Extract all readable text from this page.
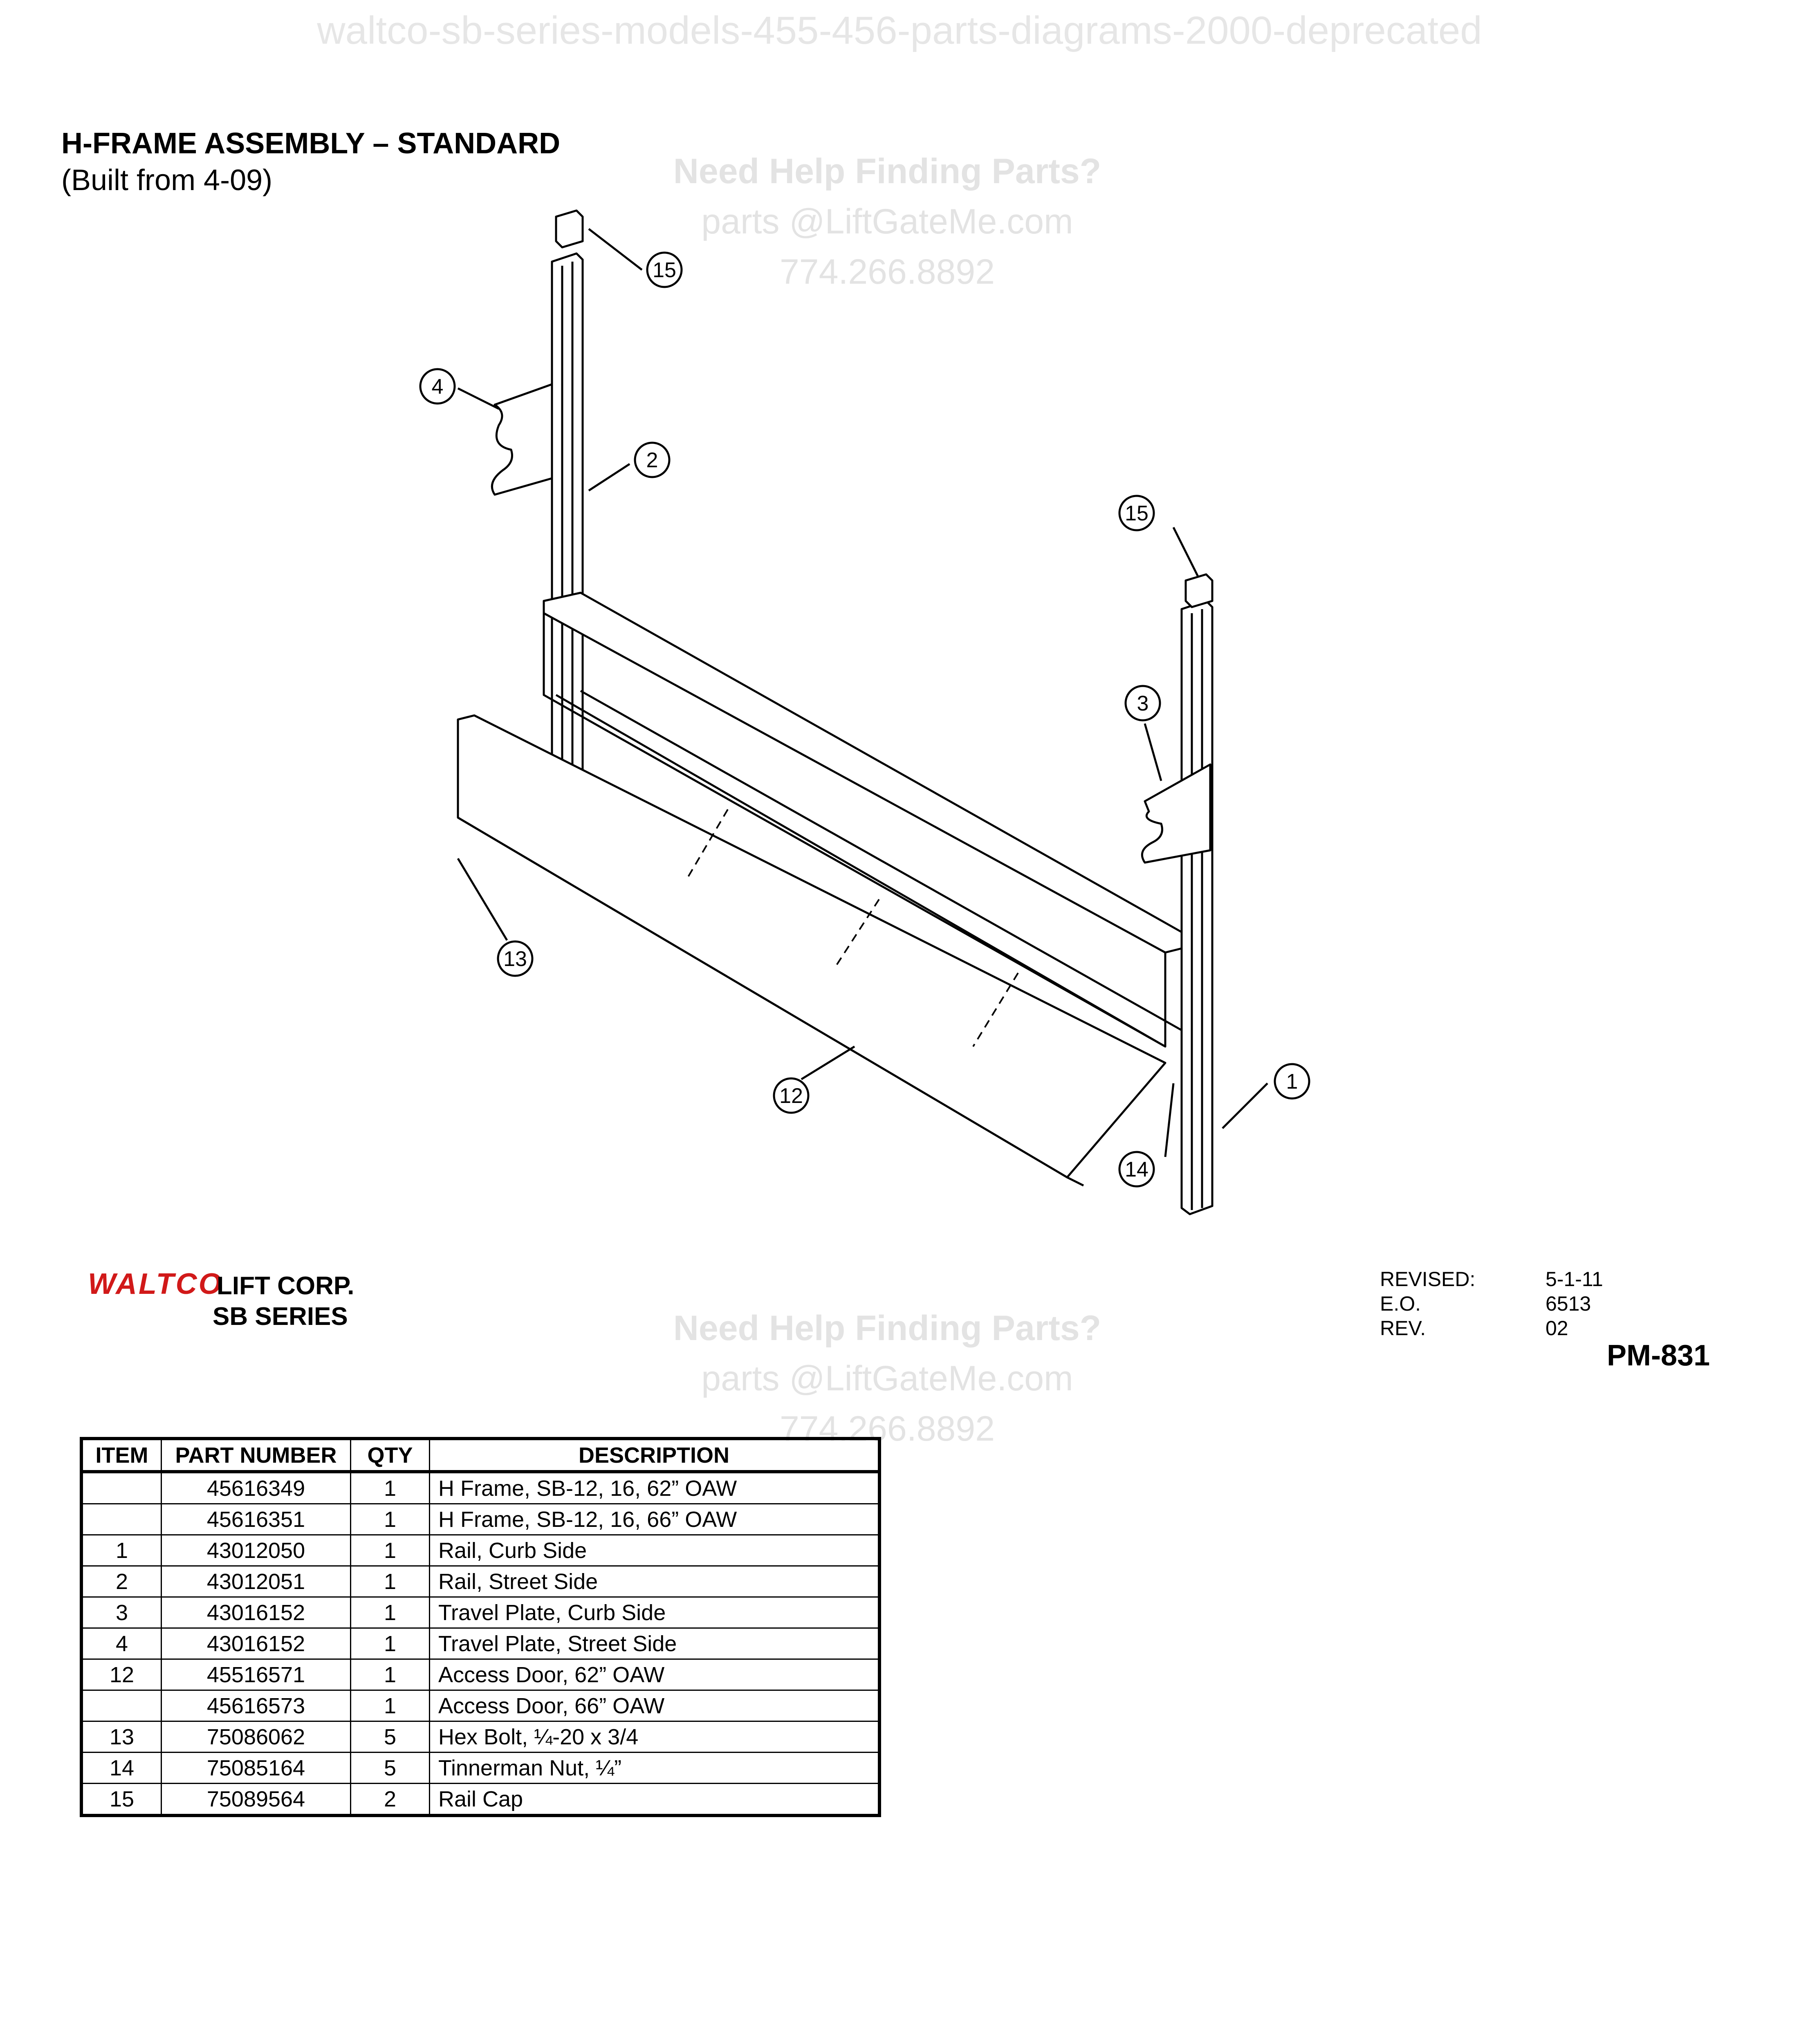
waltco-sb-series-models-455-456-parts-diagrams-2000-deprecated
H-FRAME ASSEMBLY – STANDARD
(Built from 4-09)	Need Help Finding Parts?
parts @LiftGateMe.com
774.266.8892
15
4
2
15
3
13
12
14
1
WALTCO
LIFT CORP.
SB SERIES	Need Help Finding Parts?
parts @LiftGateMe.com
774.266.8892
REVISED:	5-1-11
E.O.	6513
REV.	02
PM-831
ITEM	PART NUMBER	QTY	DESCRIPTION
	45616349	1	H Frame, SB-12, 16, 62” OAW
	45616351	1	H Frame, SB-12, 16, 66” OAW
1	43012050	1	Rail, Curb Side
2	43012051	1	Rail, Street Side
3	43016152	1	Travel Plate, Curb Side
4	43016152	1	Travel Plate, Street Side
12	45516571	1	Access Door, 62” OAW
	45616573	1	Access Door, 66” OAW
13	75086062	5	Hex Bolt, ¼-20 x 3/4
14	75085164	5	Tinnerman Nut, ¼”
15	75089564	2	Rail Cap
